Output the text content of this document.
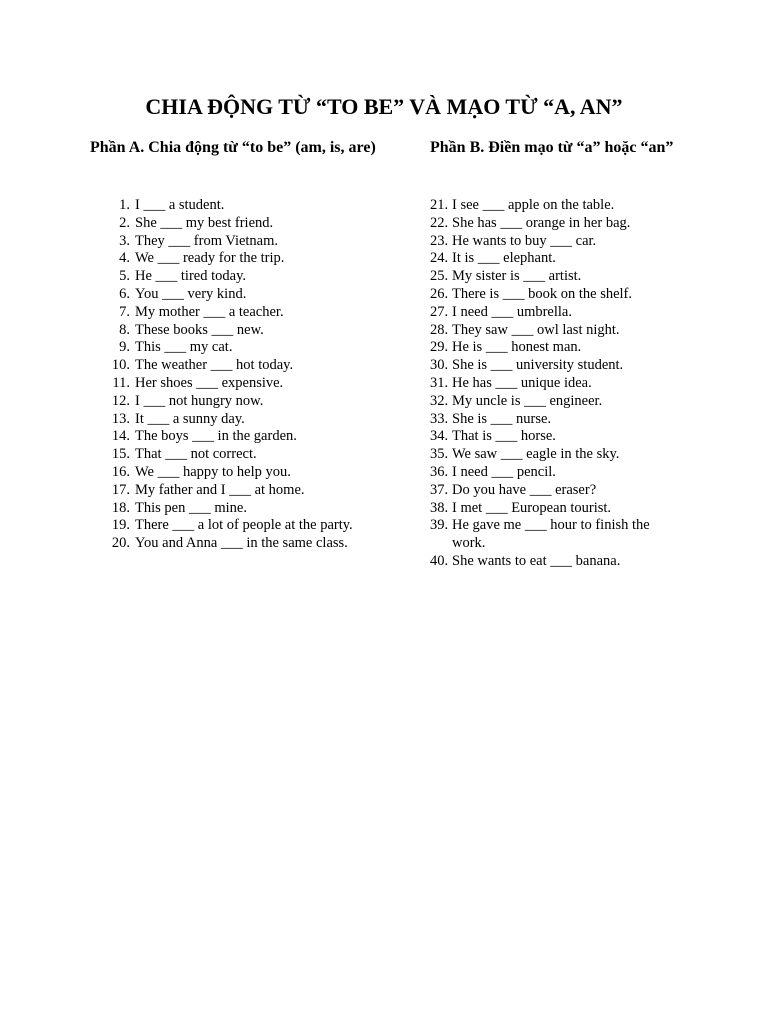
CHIA ĐỘNG TỪ “TO BE” VÀ MẠO TỪ “A, AN”
Phần A. Chia động từ “to be” (am, is, are)
1. I ___ a student.
2. She ___ my best friend.
3. They ___ from Vietnam.
4. We ___ ready for the trip.
5. He ___ tired today.
6. You ___ very kind.
7. My mother ___ a teacher.
8. These books ___ new.
9. This ___ my cat.
10. The weather ___ hot today.
11. Her shoes ___ expensive.
12. I ___ not hungry now.
13. It ___ a sunny day.
14. The boys ___ in the garden.
15. That ___ not correct.
16. We ___ happy to help you.
17. My father and I ___ at home.
18. This pen ___ mine.
19. There ___ a lot of people at the party.
20. You and Anna ___ in the same class.
Phần B. Điền mạo từ “a” hoặc “an”
21. I see ___ apple on the table.
22. She has ___ orange in her bag.
23. He wants to buy ___ car.
24. It is ___ elephant.
25. My sister is ___ artist.
26. There is ___ book on the shelf.
27. I need ___ umbrella.
28. They saw ___ owl last night.
29. He is ___ honest man.
30. She is ___ university student.
31. He has ___ unique idea.
32. My uncle is ___ engineer.
33. She is ___ nurse.
34. That is ___ horse.
35. We saw ___ eagle in the sky.
36. I need ___ pencil.
37. Do you have ___ eraser?
38. I met ___ European tourist.
39. He gave me ___ hour to finish the work.
40. She wants to eat ___ banana.
